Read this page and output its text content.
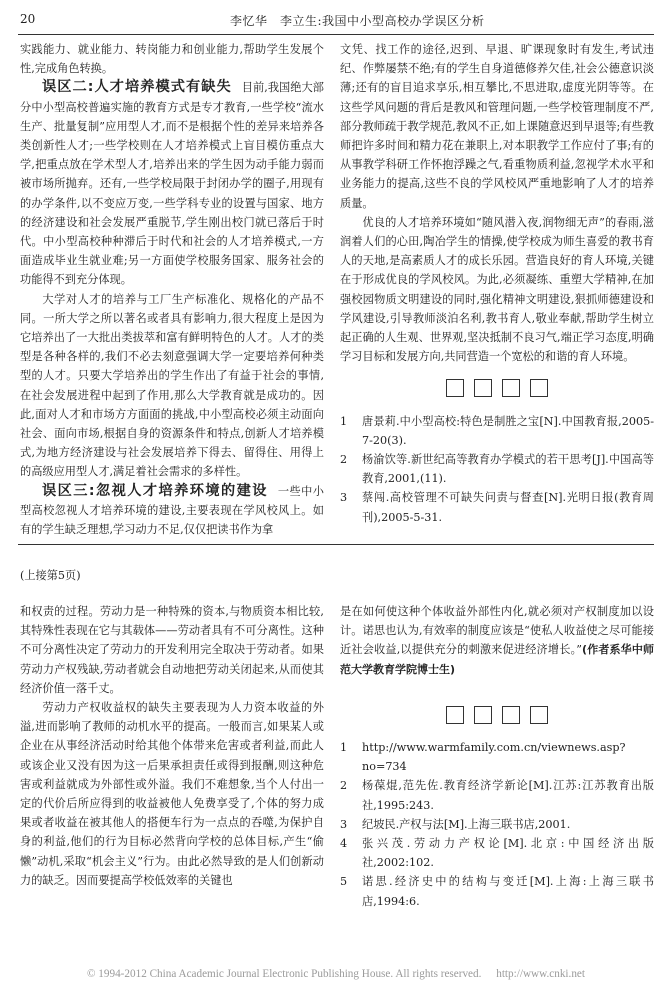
20	李忆华　李立生:我国中小型高校办学误区分析

实践能力、就业能力、转岗能力和创业能力,帮助学生发展个性,完成角色转换。

误区二:人才培养模式有缺失 目前,我国绝大部分中小型高校普遍实施的教育方式是专才教育,一些学校“流水生产、批量复制”应用型人才,而不是根据个性的差异来培养各类创新性人才;一些学校则在人才培养模式上盲目模仿重点大学,把重点放在学术型人才,培养出来的学生因为动手能力弱而被市场所抛弃。还有,一些学校局限于封闭办学的圈子,用现有的办学条件,以不变应万变,一些学科专业的设置与国家、地方的经济建设和社会发展严重脱节,学生刚出校门就已落后于时代。中小型高校种种滞后于时代和社会的人才培养模式,一方面造成毕业生就业难;另一方面使学校服务国家、服务社会的功能得不到充分体现。

大学对人才的培养与工厂生产标准化、规格化的产品不同。一所大学之所以著名或者具有影响力,很大程度上是因为它培养出了一大批出类拔萃和富有鲜明特色的人才。人才的类型是各种各样的,我们不必去刻意强调大学一定要培养何种类型的人才。只要大学培养出的学生作出了有益于社会的事情,在社会发展进程中起到了作用,那么大学教育就是成功的。因此,面对人才和市场方方面面的挑战,中小型高校必须主动面向社会、面向市场,根据自身的资源条件和特点,创新人才培养模式,为地方经济建设与社会发展培养下得去、留得住、用得上的高级应用型人才,满足着社会需求的多样性。

误区三:忽视人才培养环境的建设 一些中小型高校忽视人才培养环境的建设,主要表现在学风校风上。如有的学生缺乏理想,学习动力不足,仅仅把读书作为拿

文凭、找工作的途径,迟到、早退、旷课现象时有发生,考试违纪、作弊屡禁不绝;有的学生自身道德修养欠佳,社会公德意识淡薄;还有的盲目追求享乐,相互攀比,不思进取,虚度光阴等等。在这些学风问题的背后是教风和管理问题,一些学校管理制度不严,部分教师疏于教学规范,教风不正,如上课随意迟到早退等;有些教师把许多时间和精力花在兼职上,对本职教学工作应付了事;有的从事教学科研工作怀抱浮躁之气,看重物质利益,忽视学术水平和业务能力的提高,这些不良的学风校风严重地影响了人才的培养质量。

优良的人才培养环境如“随风潜入夜,润物细无声”的春雨,滋润着人们的心田,陶冶学生的情操,使学校成为师生喜爱的教书育人的天地,是高素质人才的成长乐园。营造良好的育人环境,关键在于形成优良的学风校风。为此,必须凝练、重塑大学精神,在加强校园物质文明建设的同时,强化精神文明建设,狠抓师德建设和学风建设,引导教师淡泊名利,教书育人,敬业奉献,帮助学生树立起正确的人生观、世界观,坚决抵制不良习气,端正学习态度,明确学习目标和发展方向,共同营造一个宽松的和谐的育人环境。

1 唐景莉.中小型高校:特色是制胜之宝[N].中国教育报,2005-7-20(3).
2 杨渝饮等.新世纪高等教育办学模式的若干思考[J].中国高等教育,2001,(11).
3 蔡闯.高校管理不可缺失问责与督查[N].光明日报(教育周刊),2005-5-31.
(上接第5页)

和权责的过程。劳动力是一种特殊的资本,与物质资本相比较,其特殊性表现在它与其载体——劳动者具有不可分离性。这种不可分离性决定了劳动力的开发利用完全取决于劳动者。如果劳动力产权残缺,劳动者就会自动地把劳动关闭起来,从而使其经济价值一落千丈。

劳动力产权收益权的缺失主要表现为人力资本收益的外溢,进而影响了教师的动机水平的提高。一般而言,如果某人或企业在从事经济活动时给其他个体带来危害或者利益,而此人或该企业又没有因为这一后果承担责任或得到报酬,则这种危害或利益就成为外部性或外溢。我们不难想象,当个人付出一定的代价后所应得到的收益被他人免费享受了,个体的努力成果或者收益在被其他人的搭便车行为一点点的吞噬,为保护自身的利益,他们的行为目标必然背向学校的总体目标,产生“偷懒”动机,采取“机会主义”行为。由此必然导致的是人们创新动力的缺乏。因而要提高学校低效率的关键也

是在如何使这种个体收益外部性内化,就必须对产权制度加以设计。诺思也认为,有效率的制度应该是“使私人收益使之尽可能接近社会收益,以提供充分的刺激来促进经济增长。”(作者系华中师范大学教育学院博士生)

1 http://www.warmfamily.com.cn/viewnews.asp? no=734
2 杨葆焜,范先佐.教育经济学新论[M].江苏:江苏教育出版社,1995:243.
3 纪坡民.产权与法[M].上海三联书店,2001.
4 张兴茂.劳动力产权论[M].北京:中国经济出版社,2002:102.
5 诺思.经济史中的结构与变迁[M].上海:上海三联书店,1994:6.
© 1994-2012 China Academic Journal Electronic Publishing House. All rights reserved. http://www.cnki.net
